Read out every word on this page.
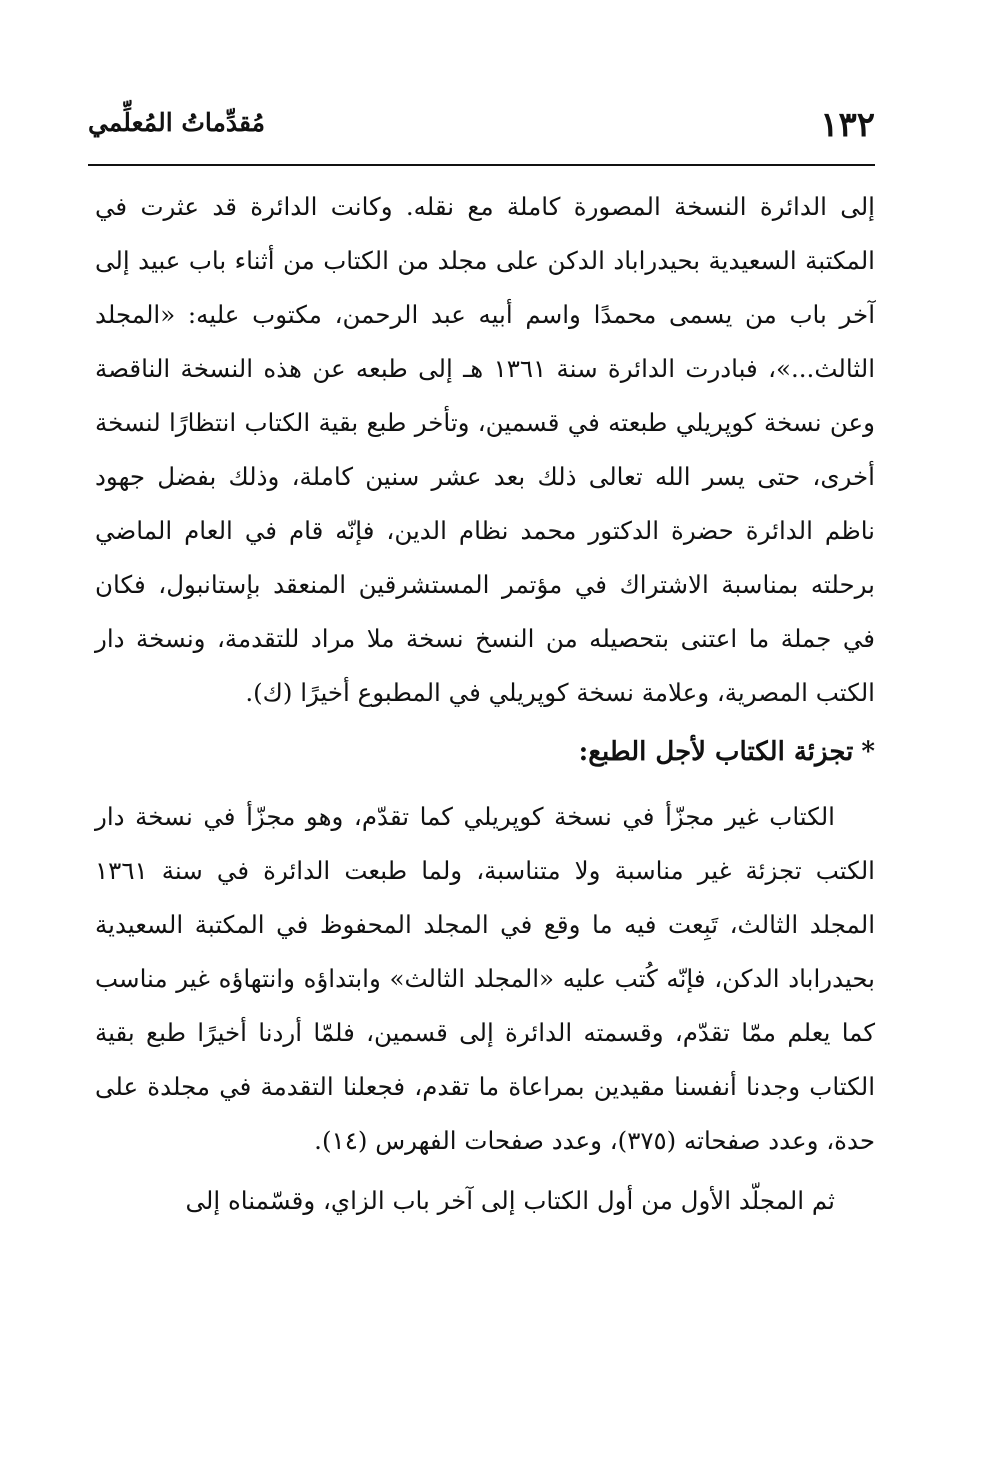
١٣٢
مُقدِّماتُ المُعلِّمي

إلى الدائرة النسخة المصورة كاملة مع نقله. وكانت الدائرة قد عثرت في المكتبة السعيدية بحيدراباد الدكن على مجلد من الكتاب من أثناء باب عبيد إلى آخر باب من يسمى محمدًا واسم أبيه عبد الرحمن، مكتوب عليه: «المجلد الثالث...»، فبادرت الدائرة سنة ١٣٦١ هـ إلى طبعه عن هذه النسخة الناقصة وعن نسخة كوپريلي طبعته في قسمين، وتأخر طبع بقية الكتاب انتظارًا لنسخة أخرى، حتى يسر الله تعالى ذلك بعد عشر سنين كاملة، وذلك بفضل جهود ناظم الدائرة حضرة الدكتور محمد نظام الدين، فإنّه قام في العام الماضي برحلته بمناسبة الاشتراك في مؤتمر المستشرقين المنعقد بإستانبول، فكان في جملة ما اعتنى بتحصيله من النسخ نسخة ملا مراد للتقدمة، ونسخة دار الكتب المصرية، وعلامة نسخة كوپريلي في المطبوع أخيرًا (ك).

*تجزئة الكتاب لأجل الطبع:

الكتاب غير مجزّأ في نسخة كوپريلي كما تقدّم، وهو مجزّأ في نسخة دار الكتب تجزئة غير مناسبة ولا متناسبة، ولما طبعت الدائرة في سنة ١٣٦١ المجلد الثالث، تَبِعت فيه ما وقع في المجلد المحفوظ في المكتبة السعيدية بحيدراباد الدكن، فإنّه كُتب عليه «المجلد الثالث» وابتداؤه وانتهاؤه غير مناسب كما يعلم ممّا تقدّم، وقسمته الدائرة إلى قسمين، فلمّا أردنا أخيرًا طبع بقية الكتاب وجدنا أنفسنا مقيدين بمراعاة ما تقدم، فجعلنا التقدمة في مجلدة على حدة، وعدد صفحاته (٣٧٥)، وعدد صفحات الفهرس (١٤).

ثم المجلّد الأول من أول الكتاب إلى آخر باب الزاي، وقسّمناه إلى
